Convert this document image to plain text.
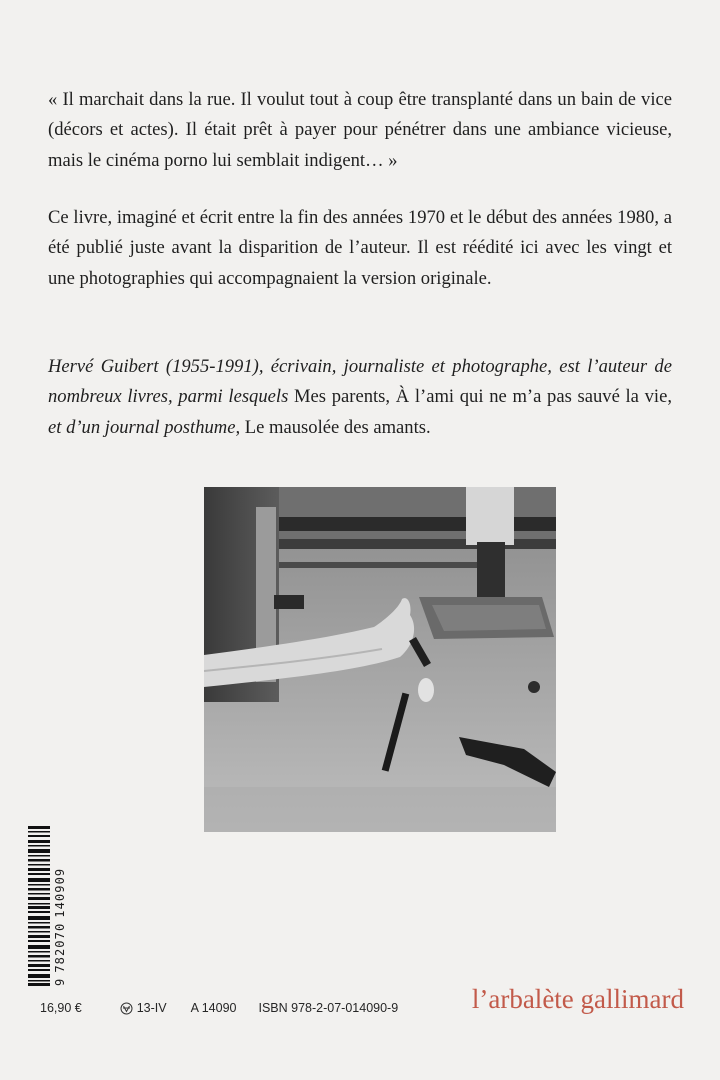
« Il marchait dans la rue. Il voulut tout à coup être transplanté dans un bain de vice (décors et actes). Il était prêt à payer pour pénétrer dans une ambiance vicieuse, mais le cinéma porno lui semblait indigent… »

Ce livre, imaginé et écrit entre la fin des années 1970 et le début des années 1980, a été publié juste avant la disparition de l’auteur. Il est réédité ici avec les vingt et une photographies qui accompagnaient la version originale.

Hervé Guibert (1955-1991), écrivain, journaliste et photographe, est l’auteur de nombreux livres, parmi lesquels Mes parents, À l’ami qui ne m’a pas sauvé la vie, et d’un journal posthume, Le mausolée des amants.

9
782070
140909
16,90 €	13-IV A 14090 ISBN 978-2-07-014090-9	l’arbalète gallimard
